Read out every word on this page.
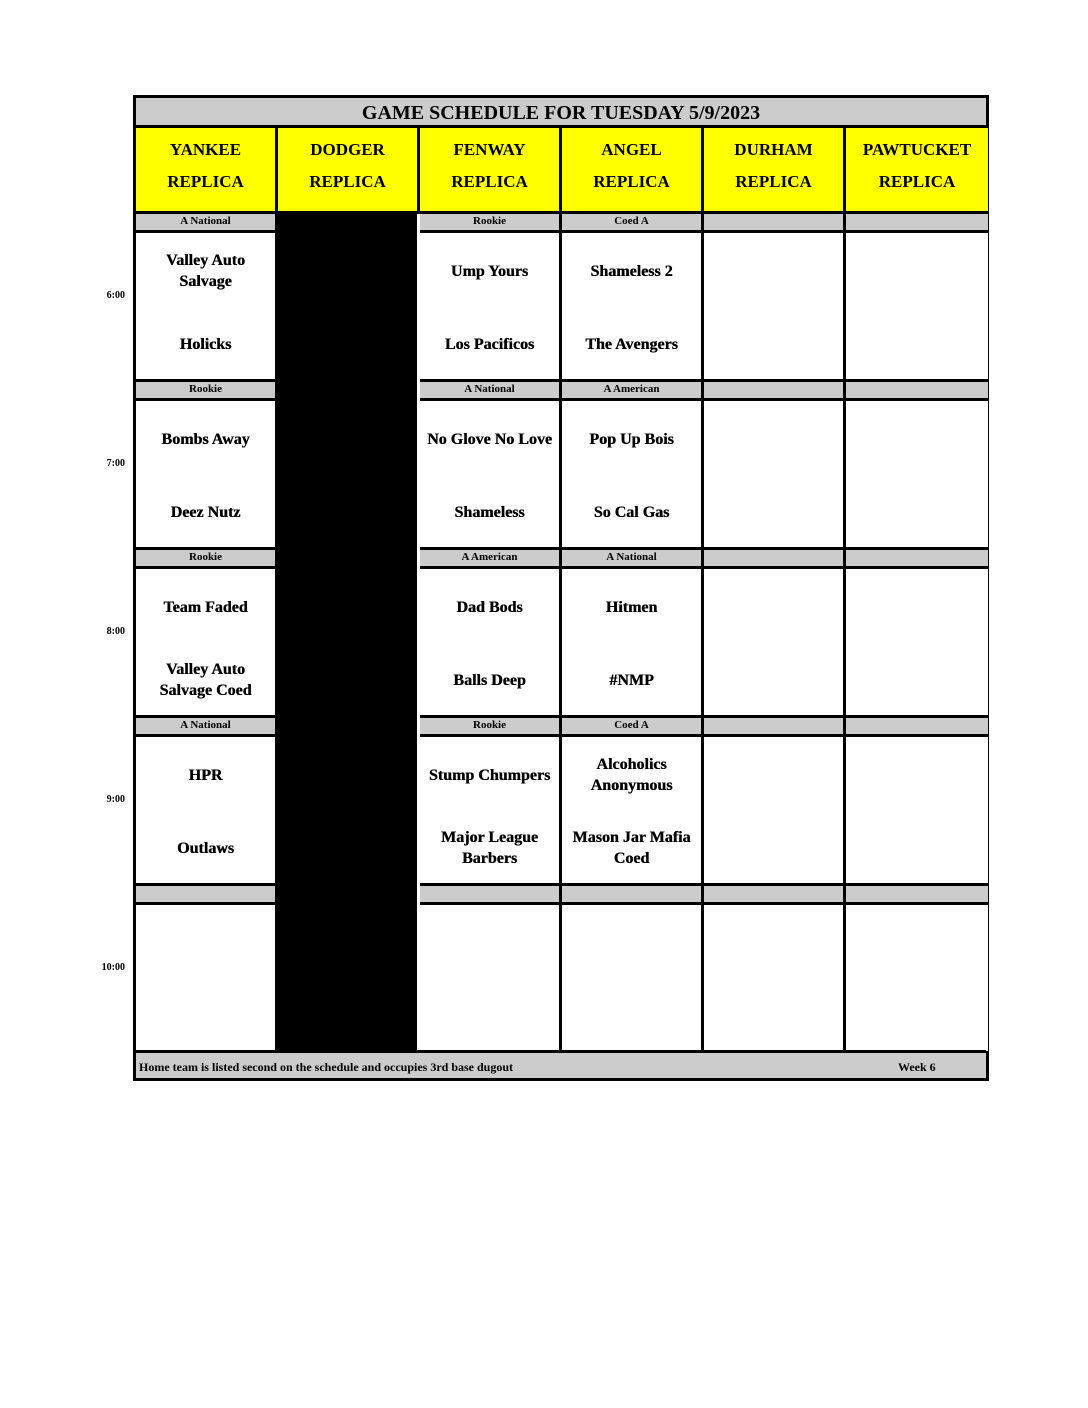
6:00
7:00
8:00
9:00
10:00
GAME SCHEDULE FOR TUESDAY 5/9/2023
YANKEE
REPLICA
DODGER
REPLICA
FENWAY
REPLICA
ANGEL
REPLICA
DURHAM
REPLICA
PAWTUCKET
REPLICA
A National
Valley Auto Salvage
Holicks
Rookie
Ump Yours
Los Pacificos
Coed A
Shameless 2
The Avengers
Rookie
Bombs Away
Deez Nutz
A National
No Glove No Love
Shameless
A American
Pop Up Bois
So Cal Gas
Rookie
Team Faded
Valley Auto Salvage Coed
A American
Dad Bods
Balls Deep
A National
Hitmen
#NMP
A National
HPR
Outlaws
Rookie
Stump Chumpers
Major League Barbers
Coed A
Alcoholics Anonymous
Mason Jar Mafia Coed
Home team is listed second on the schedule and occupies 3rd base dugout	Week 6
